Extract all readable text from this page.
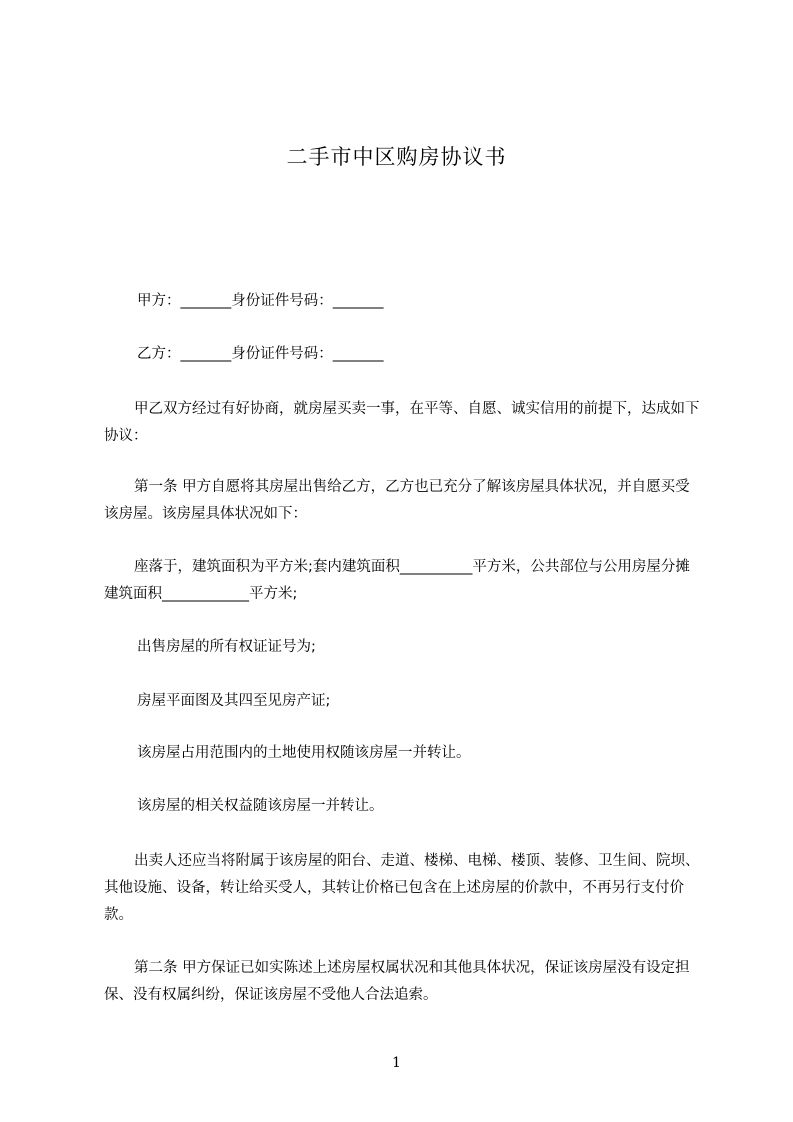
二手市中区购房协议书
甲方：_______身份证件号码：_______
乙方：_______身份证件号码：_______
甲乙双方经过有好协商，就房屋买卖一事，在平等、自愿、诚实信用的前提下，达成如下协议：
第一条 甲方自愿将其房屋出售给乙方，乙方也已充分了解该房屋具体状况，并自愿买受该房屋。该房屋具体状况如下：
座落于，建筑面积为平方米;套内建筑面积__________平方米，公共部位与公用房屋分摊建筑面积____________平方米;
出售房屋的所有权证证号为;
房屋平面图及其四至见房产证;
该房屋占用范围内的土地使用权随该房屋一并转让。
该房屋的相关权益随该房屋一并转让。
出卖人还应当将附属于该房屋的阳台、走道、楼梯、电梯、楼顶、装修、卫生间、院坝、其他设施、设备，转让给买受人，其转让价格已包含在上述房屋的价款中，不再另行支付价款。
第二条 甲方保证已如实陈述上述房屋权属状况和其他具体状况，保证该房屋没有设定担保、没有权属纠纷，保证该房屋不受他人合法追索。
1
